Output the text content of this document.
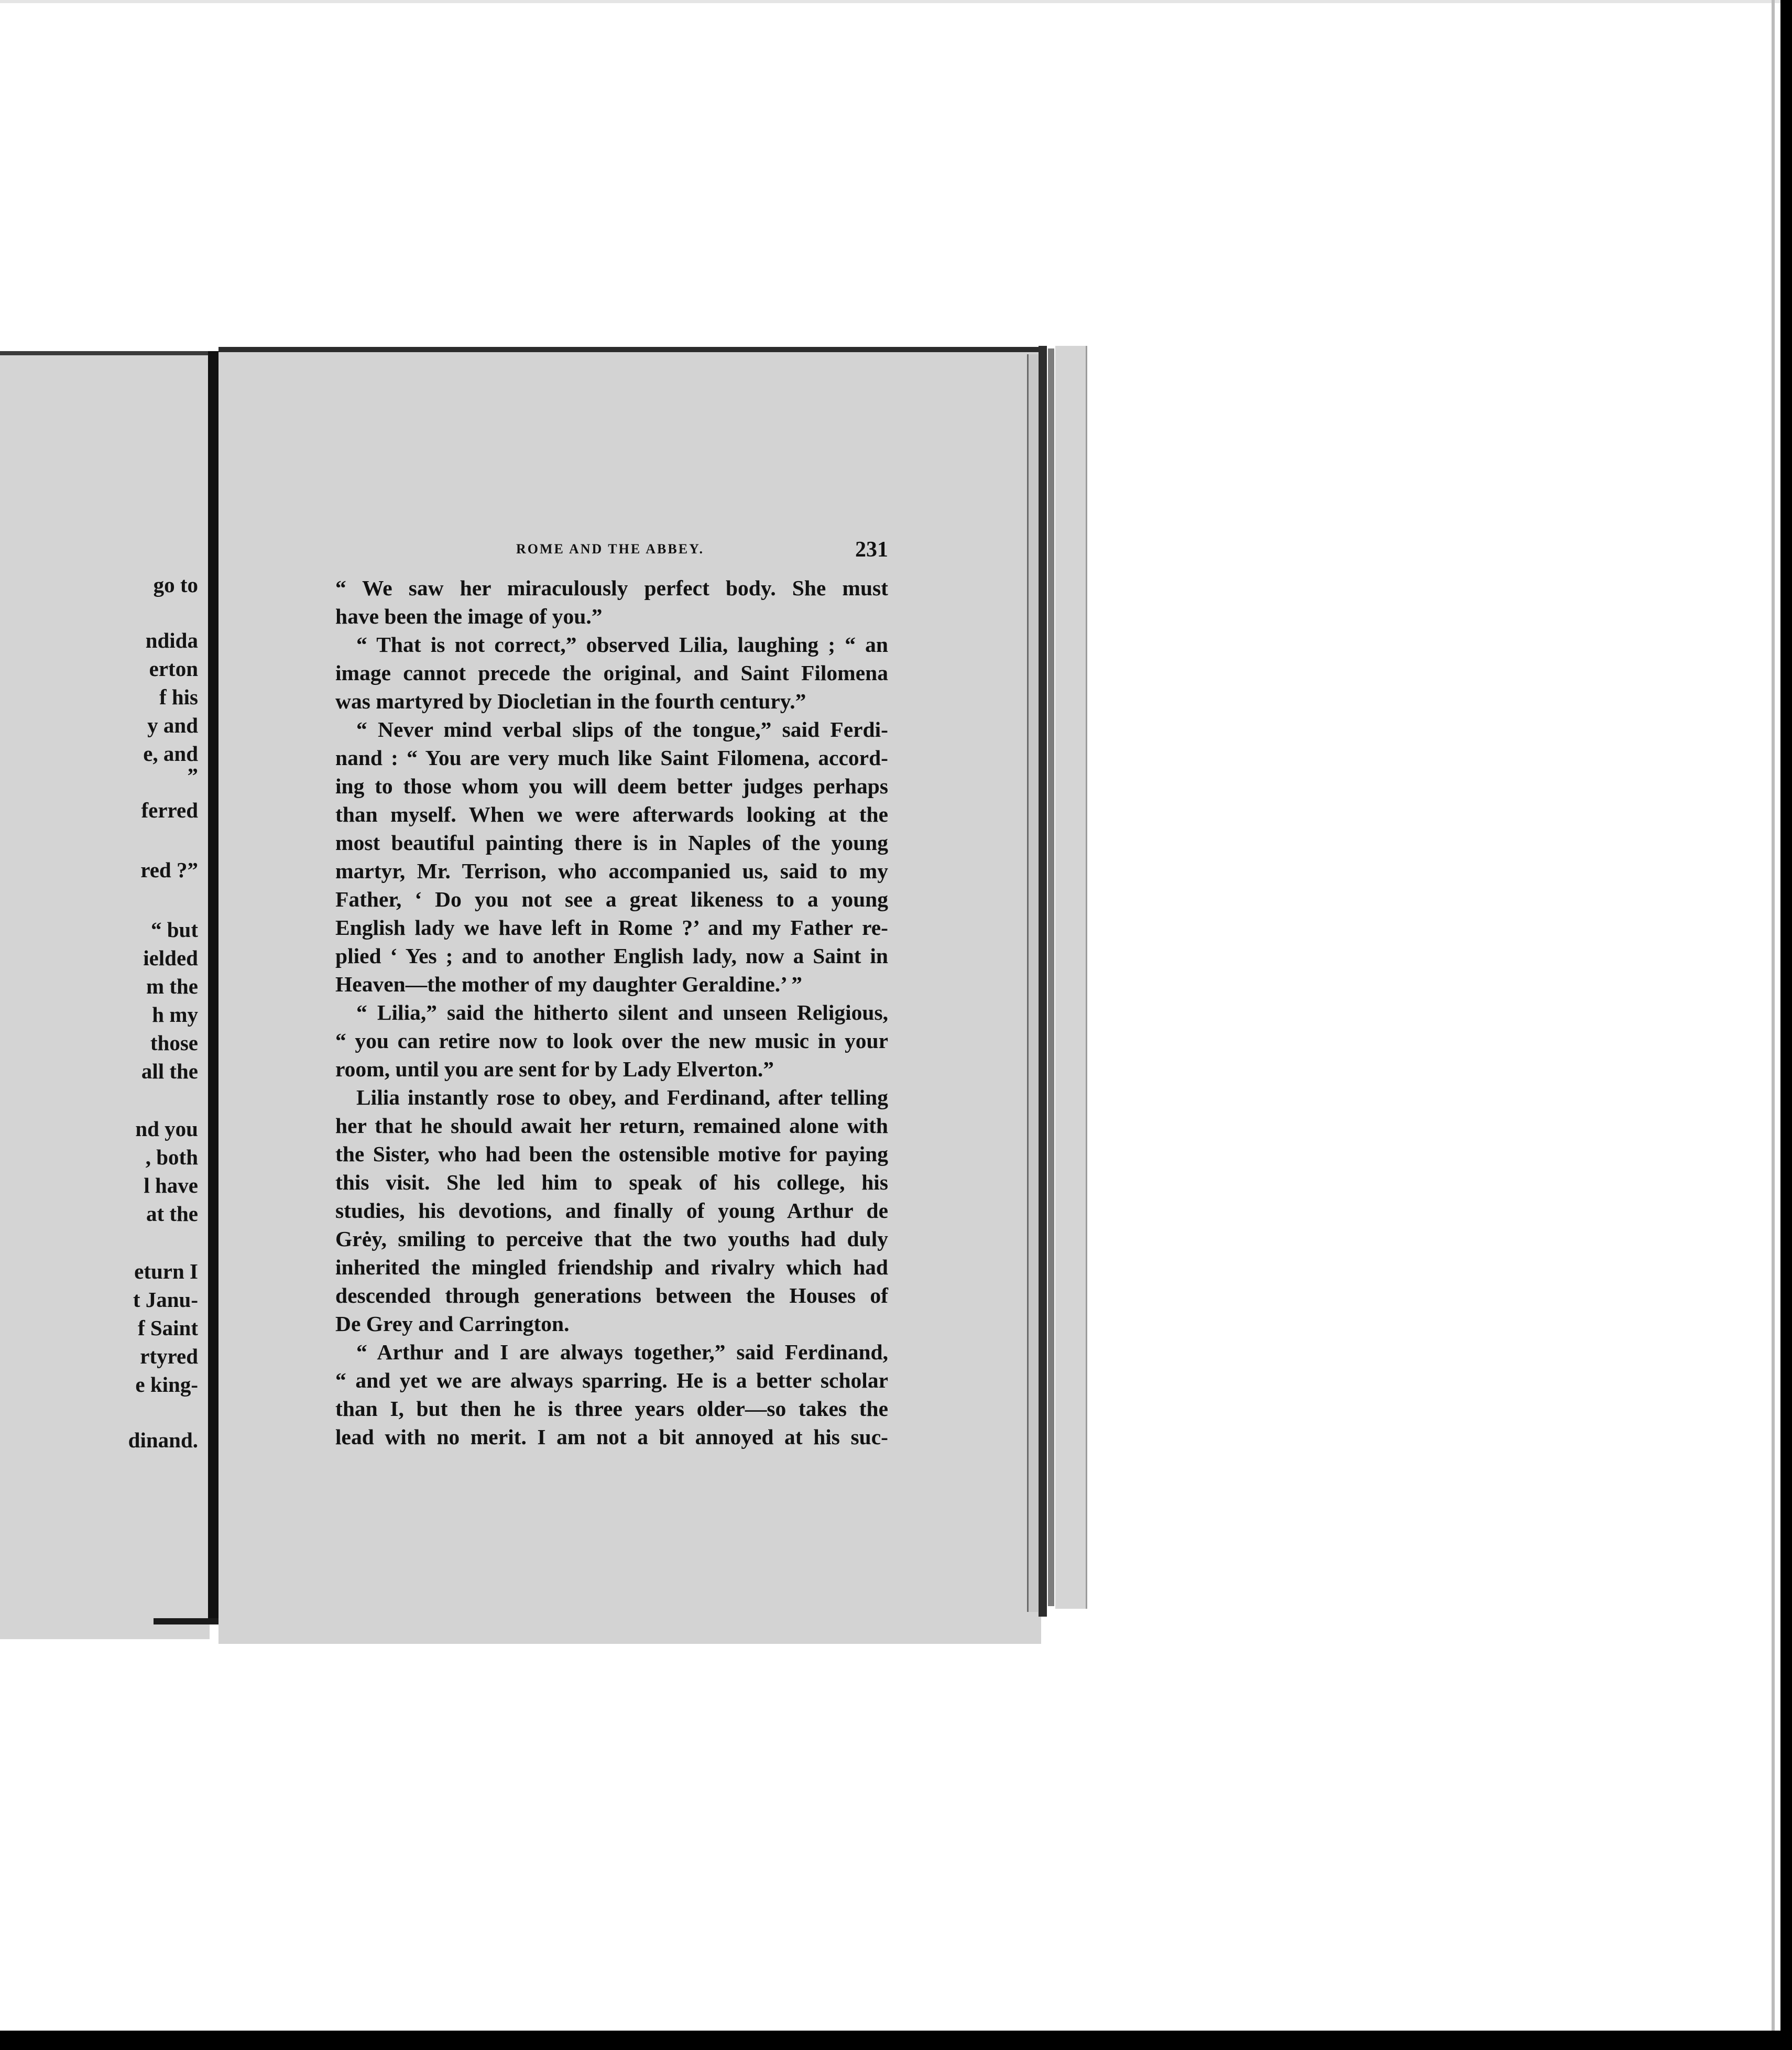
go to
ndida
erton
f his
y and
e, and
”
ferred
red ?”
“ but
ielded
m the
h my
those
all the
nd you
, both
l have
at the
eturn I
t Janu-
f Saint
rtyred
e king-
dinand.
ROME AND THE ABBEY.	231
“ We saw her miraculously perfect body. She must
have been the image of you.”
“ That is not correct,” observed Lilia, laughing ; “ an
image cannot precede the original, and Saint Filomena
was martyred by Diocletian in the fourth century.”
“ Never mind verbal slips of the tongue,” said Ferdi-
nand : “ You are very much like Saint Filomena, accord-
ing to those whom you will deem better judges perhaps
than myself. When we were afterwards looking at the
most beautiful painting there is in Naples of the young
martyr, Mr. Terrison, who accompanied us, said to my
Father, ‘ Do you not see a great likeness to a young
English lady we have left in Rome ?’ and my Father re-
plied ‘ Yes ; and to another English lady, now a Saint in
Heaven—the mother of my daughter Geraldine.’ ”
“ Lilia,” said the hitherto silent and unseen Religious,
“ you can retire now to look over the new music in your
room, until you are sent for by Lady Elverton.”
Lilia instantly rose to obey, and Ferdinand, after telling
her that he should await her return, remained alone with
the Sister, who had been the ostensible motive for paying
this visit. She led him to speak of his college, his
studies, his devotions, and finally of young Arthur de
Grėy, smiling to perceive that the two youths had duly
inherited the mingled friendship and rivalry which had
descended through generations between the Houses of
De Grey and Carrington.
“ Arthur and I are always together,” said Ferdinand,
“ and yet we are always sparring. He is a better scholar
than I, but then he is three years older—so takes the
lead with no merit. I am not a bit annoyed at his suc-
